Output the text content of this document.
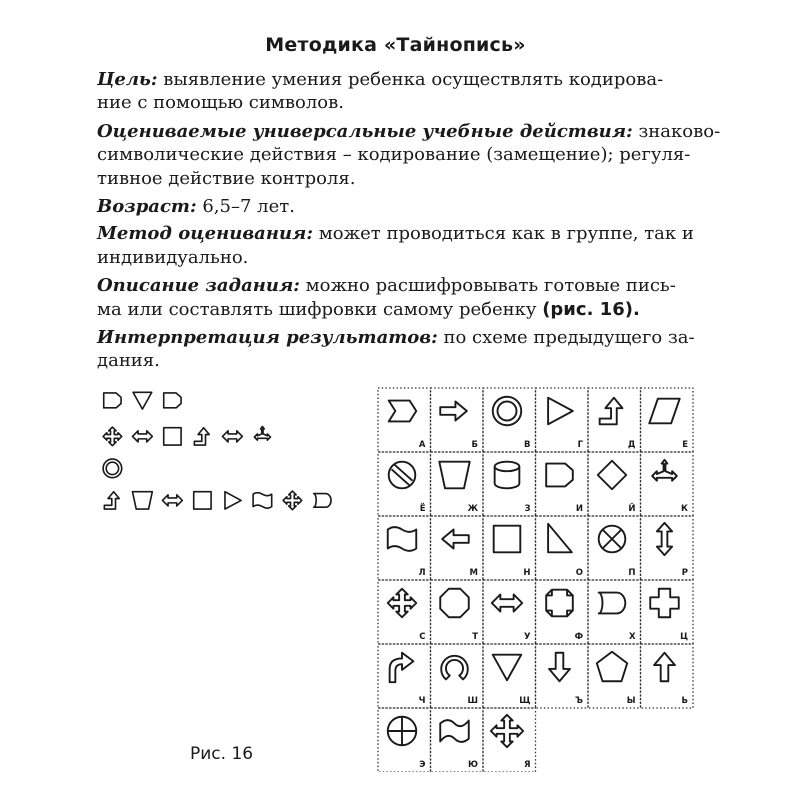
Методика «Тайнопись»

Цель: выявление умения ребенка осуществлять кодирова-
ние с помощью символов.

Оцениваемые универсальные учебные действия: знаково-
символические действия – кодирование (замещение); регуля-
тивное действие контроля.

Возраст: 6,5–7 лет.

Метод оценивания: может проводиться как в группе, так и
индивидуально.

Описание задания: можно расшифровывать готовые пись-
ма или составлять шифровки самому ребенку (рис. 16).

Интерпретация результатов: по схеме предыдущего за-
дания.

А	Б	В	Г	Д	Е
Ё	Ж	З	И	Й	К
Л	М	Н	О	П	Р
С	Т	У	Ф	Х	Ц
Ч	Ш	Щ	Ъ	Ы	Ь
Э	Ю	Я
Рис. 16
